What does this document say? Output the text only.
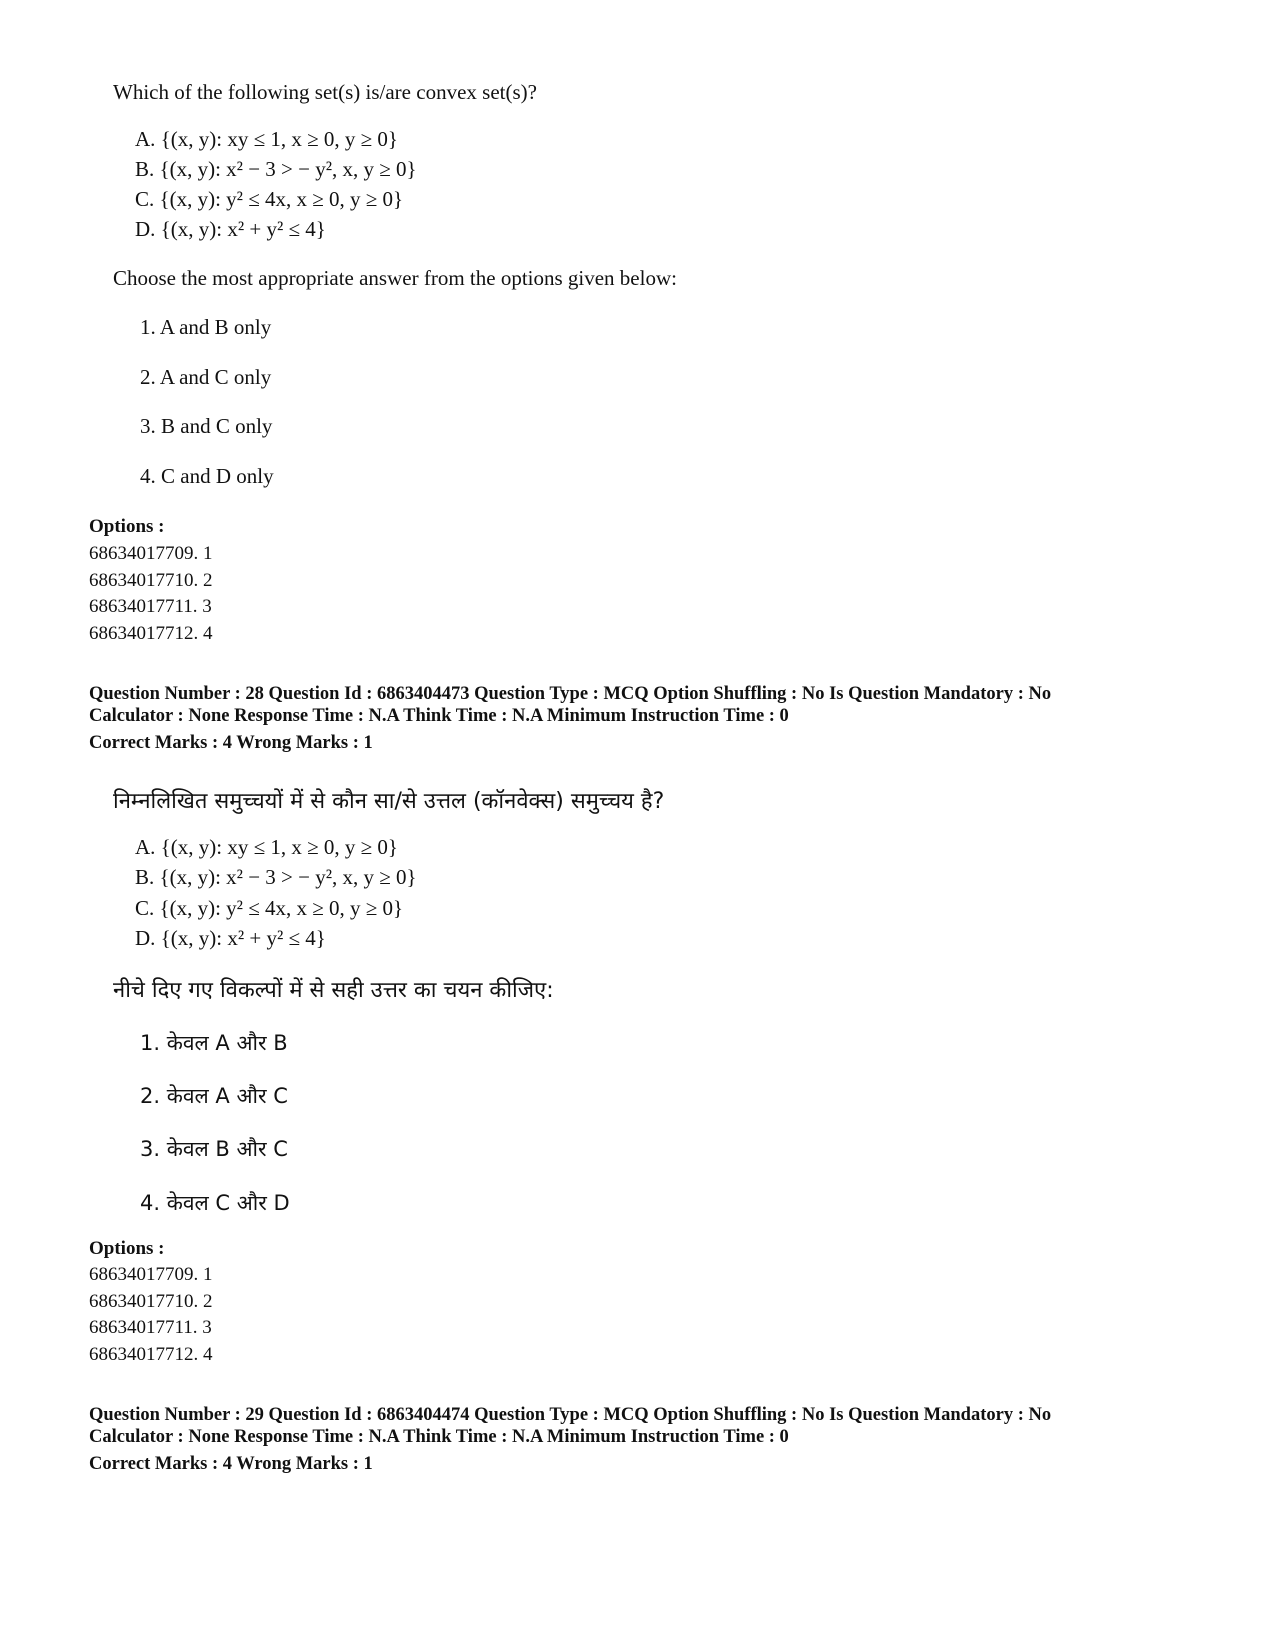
Which of the following set(s) is/are convex set(s)?
A. {(x, y): xy ≤ 1, x ≥ 0, y ≥ 0}
B. {(x, y): x² − 3 > − y², x, y ≥ 0}
C. {(x, y): y² ≤ 4x, x ≥ 0, y ≥ 0}
D. {(x, y): x² + y² ≤ 4}
Choose the most appropriate answer from the options given below:
1. A and B only
2. A and C only
3. B and C only
4. C and D only
Options :
68634017709. 1
68634017710. 2
68634017711. 3
68634017712. 4
Question Number : 28 Question Id : 6863404473 Question Type : MCQ Option Shuffling : No Is Question Mandatory : No
Calculator : None Response Time : N.A Think Time : N.A Minimum Instruction Time : 0
Correct Marks : 4 Wrong Marks : 1
निम्नलिखित समुच्चयों में से कौन सा/से उत्तल (कॉनवेक्स) समुच्चय है?
A. {(x, y): xy ≤ 1, x ≥ 0, y ≥ 0}
B. {(x, y): x² − 3 > − y², x, y ≥ 0}
C. {(x, y): y² ≤ 4x, x ≥ 0, y ≥ 0}
D. {(x, y): x² + y² ≤ 4}
नीचे दिए गए विकल्पों में से सही उत्तर का चयन कीजिए:
1. केवल A और B
2. केवल A और C
3. केवल B और C
4. केवल C और D
Options :
68634017709. 1
68634017710. 2
68634017711. 3
68634017712. 4
Question Number : 29 Question Id : 6863404474 Question Type : MCQ Option Shuffling : No Is Question Mandatory : No
Calculator : None Response Time : N.A Think Time : N.A Minimum Instruction Time : 0
Correct Marks : 4 Wrong Marks : 1
